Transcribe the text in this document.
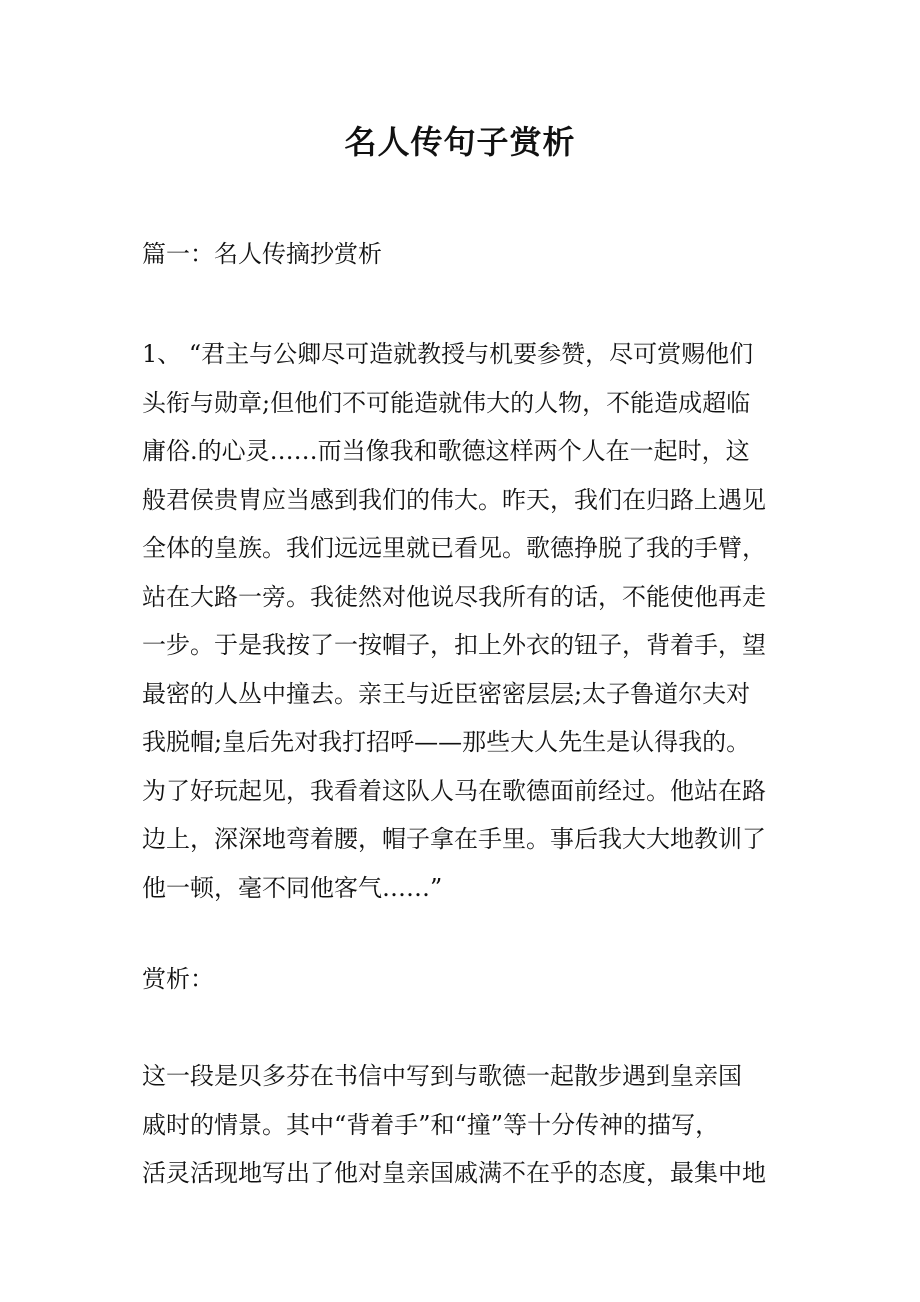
名人传句子赏析

篇一：名人传摘抄赏析

1、 “君主与公卿尽可造就教授与机要参赞，尽可赏赐他们
头衔与勋章;但他们不可能造就伟大的人物，不能造成超临
庸俗.的心灵……而当像我和歌德这样两个人在一起时，这
般君侯贵胄应当感到我们的伟大。昨天，我们在归路上遇见
全体的皇族。我们远远里就已看见。歌德挣脱了我的手臂，
站在大路一旁。我徒然对他说尽我所有的话，不能使他再走
一步。于是我按了一按帽子，扣上外衣的钮子，背着手，望
最密的人丛中撞去。亲王与近臣密密层层;太子鲁道尔夫对
我脱帽;皇后先对我打招呼——那些大人先生是认得我的。
为了好玩起见，我看着这队人马在歌德面前经过。他站在路
边上，深深地弯着腰，帽子拿在手里。事后我大大地教训了
他一顿，毫不同他客气……”

赏析：

这一段是贝多芬在书信中写到与歌德一起散步遇到皇亲国
戚时的情景。其中“背着手”和“撞”等十分传神的描写，
活灵活现地写出了他对皇亲国戚满不在乎的态度，最集中地
